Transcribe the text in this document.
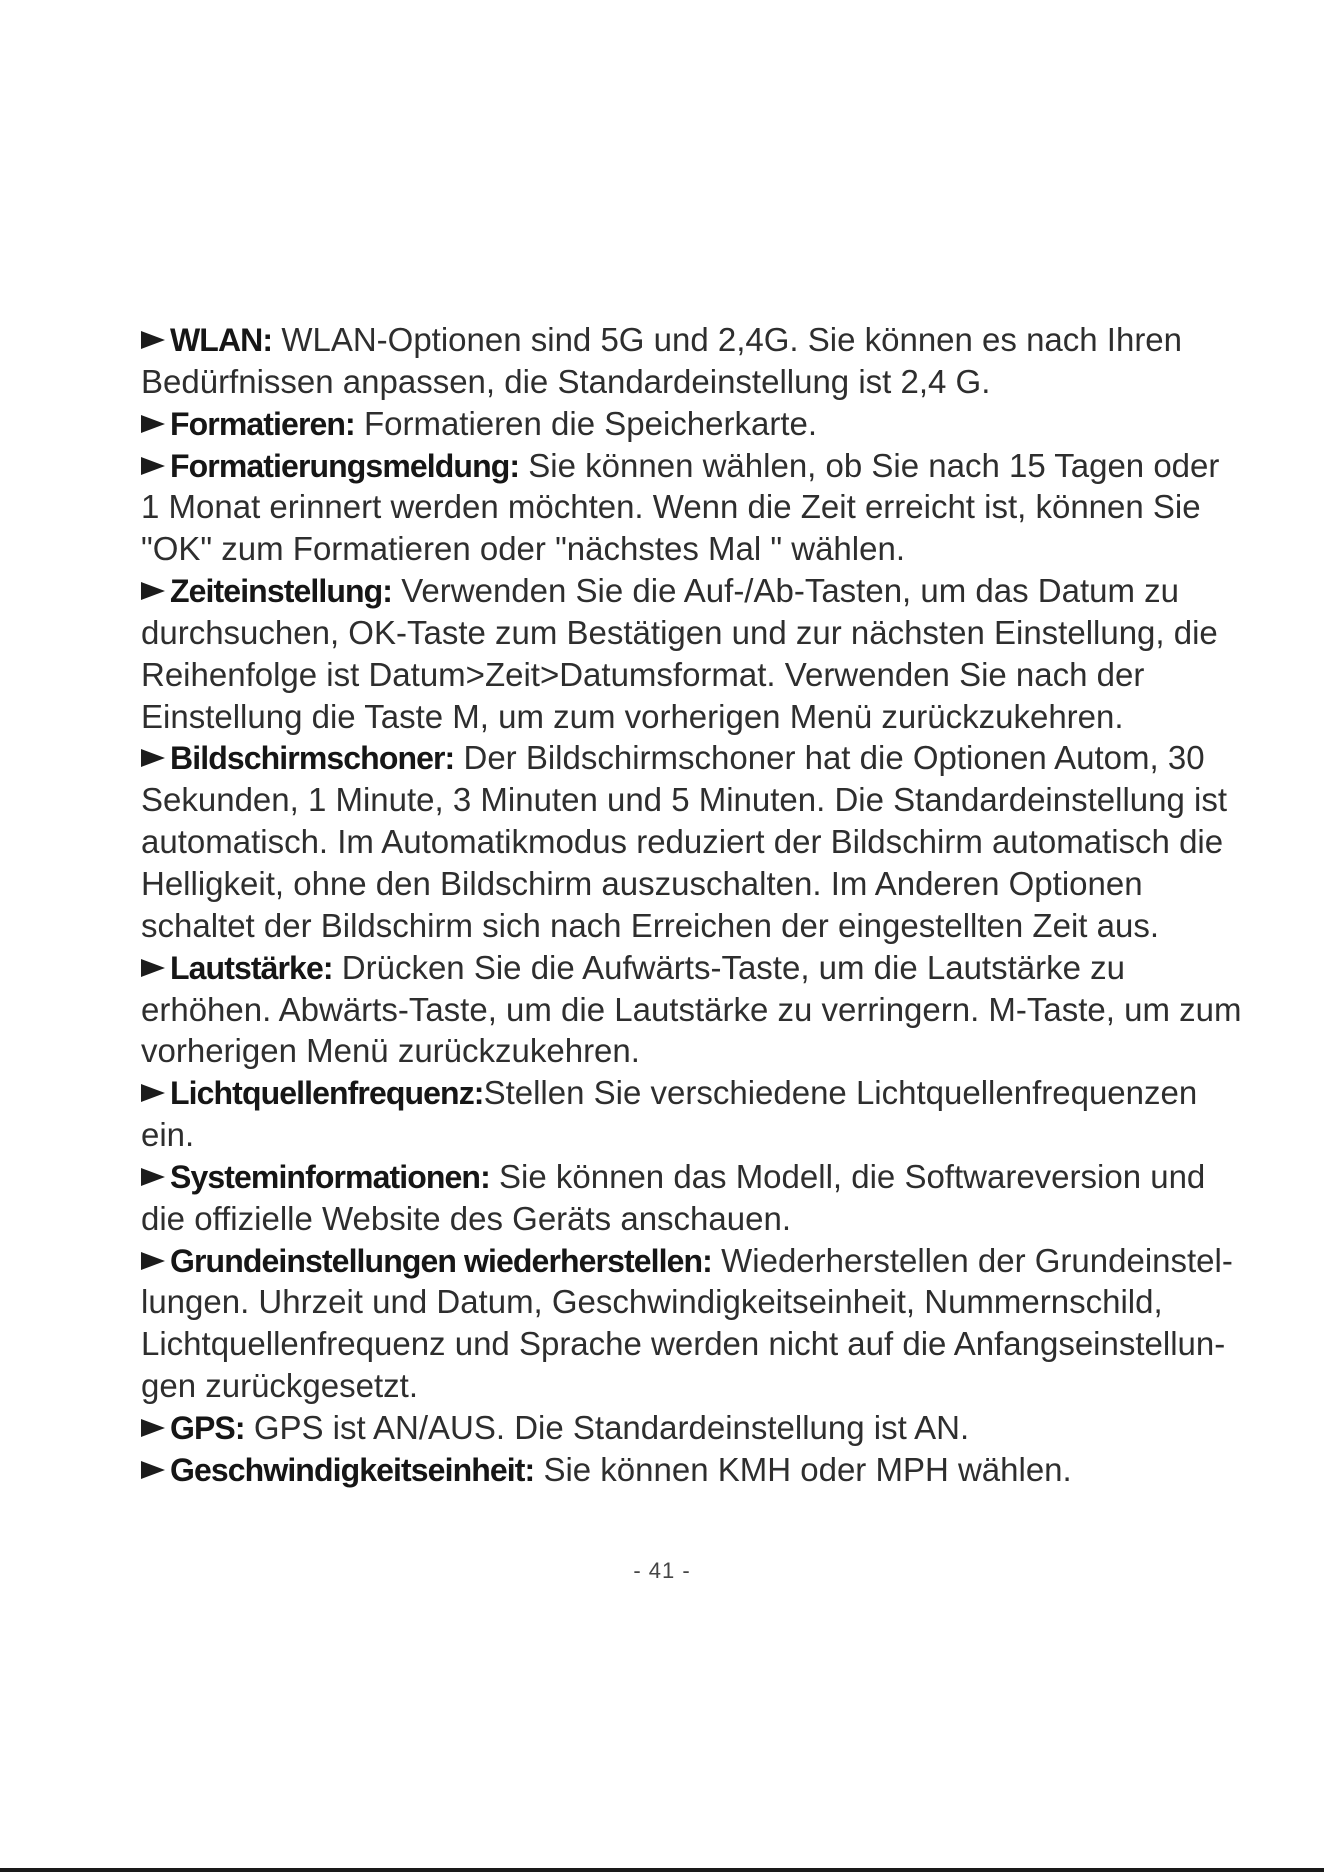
WLAN: WLAN-Optionen sind 5G und 2,4G. Sie können es nach Ihren
Bedürfnissen anpassen, die Standardeinstellung ist 2,4 G.
Formatieren: Formatieren die Speicherkarte.
Formatierungsmeldung: Sie können wählen, ob Sie nach 15 Tagen oder
1 Monat erinnert werden möchten. Wenn die Zeit erreicht ist, können Sie
"OK" zum Formatieren oder "nächstes Mal " wählen.
Zeiteinstellung: Verwenden Sie die Auf-/Ab-Tasten, um das Datum zu
durchsuchen, OK-Taste zum Bestätigen und zur nächsten Einstellung, die
Reihenfolge ist Datum>Zeit>Datumsformat. Verwenden Sie nach der
Einstellung die Taste M, um zum vorherigen Menü zurückzukehren.
Bildschirmschoner: Der Bildschirmschoner hat die Optionen Autom, 30
Sekunden, 1 Minute, 3 Minuten und 5 Minuten. Die Standardeinstellung ist
automatisch. Im Automatikmodus reduziert der Bildschirm automatisch die
Helligkeit, ohne den Bildschirm auszuschalten. Im Anderen Optionen
schaltet der Bildschirm sich nach Erreichen der eingestellten Zeit aus.
Lautstärke: Drücken Sie die Aufwärts-Taste, um die Lautstärke zu
erhöhen. Abwärts-Taste, um die Lautstärke zu verringern. M-Taste, um zum
vorherigen Menü zurückzukehren.
Lichtquellenfrequenz:Stellen Sie verschiedene Lichtquellenfrequenzen
ein.
Systeminformationen: Sie können das Modell, die Softwareversion und
die offizielle Website des Geräts anschauen.
Grundeinstellungen wiederherstellen: Wiederherstellen der Grundeinstel-
lungen. Uhrzeit und Datum, Geschwindigkeitseinheit, Nummernschild,
Lichtquellenfrequenz und Sprache werden nicht auf die Anfangseinstellun-
gen zurückgesetzt.
GPS: GPS ist AN/AUS. Die Standardeinstellung ist AN.
Geschwindigkeitseinheit: Sie können KMH oder MPH wählen.
- 41 -
